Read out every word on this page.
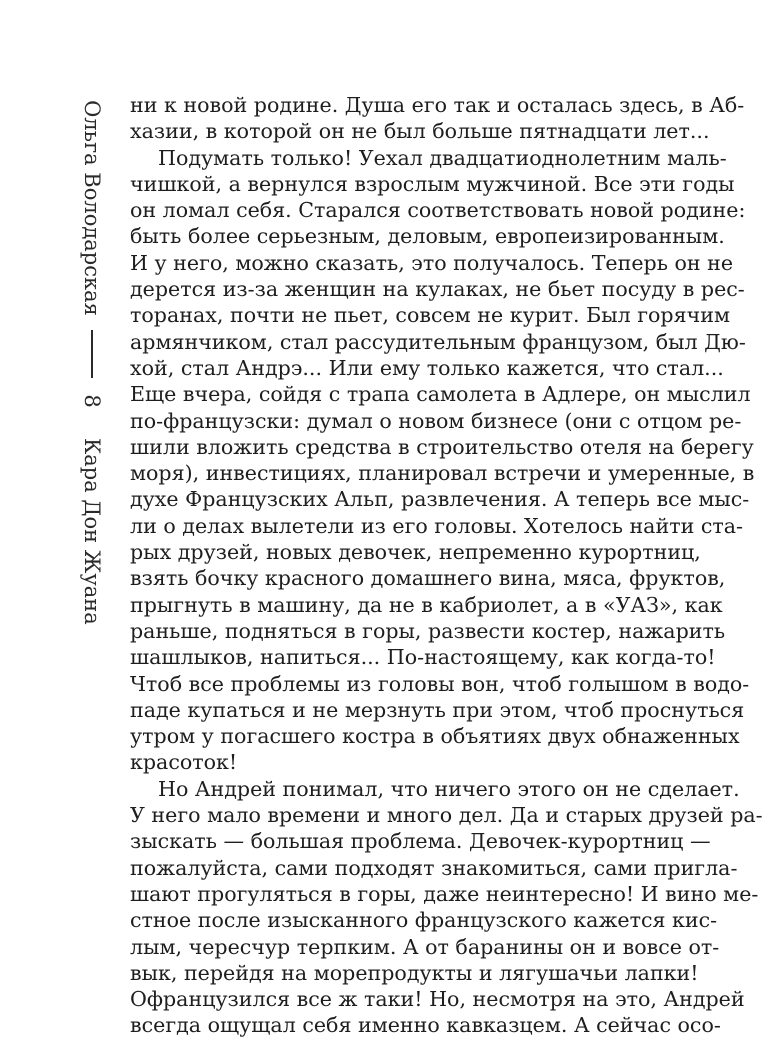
Ольга Володарская
8
Кара Дон Жуана
ни к новой родине. Душа его так и осталась здесь, в Аб-
хазии, в которой он не был больше пятнадцати лет...
Подумать только! Уехал двадцатиоднолетним маль-
чишкой, а вернулся взрослым мужчиной. Все эти годы
он ломал себя. Старался соответствовать новой родине:
быть более серьезным, деловым, европеизированным.
И у него, можно сказать, это получалось. Теперь он не
дерется из-за женщин на кулаках, не бьет посуду в рес-
торанах, почти не пьет, совсем не курит. Был горячим
армянчиком, стал рассудительным французом, был Дю-
хой, стал Андрэ... Или ему только кажется, что стал...
Еще вчера, сойдя с трапа самолета в Адлере, он мыслил
по-французски: думал о новом бизнесе (они с отцом ре-
шили вложить средства в строительство отеля на берегу
моря), инвестициях, планировал встречи и умеренные, в
духе Французских Альп, развлечения. А теперь все мыс-
ли о делах вылетели из его головы. Хотелось найти ста-
рых друзей, новых девочек, непременно курортниц,
взять бочку красного домашнего вина, мяса, фруктов,
прыгнуть в машину, да не в кабриолет, а в «УАЗ», как
раньше, подняться в горы, развести костер, нажарить
шашлыков, напиться... По-настоящему, как когда-то!
Чтоб все проблемы из головы вон, чтоб голышом в водо-
паде купаться и не мерзнуть при этом, чтоб проснуться
утром у погасшего костра в объятиях двух обнаженных
красоток!
Но Андрей понимал, что ничего этого он не сделает.
У него мало времени и много дел. Да и старых друзей ра-
зыскать — большая проблема. Девочек-курортниц —
пожалуйста, сами подходят знакомиться, сами пригла-
шают прогуляться в горы, даже неинтересно! И вино ме-
стное после изысканного французского кажется кис-
лым, чересчур терпким. А от баранины он и вовсе от-
вык, перейдя на морепродукты и лягушачьи лапки!
Офранцузился все ж таки! Но, несмотря на это, Андрей
всегда ощущал себя именно кавказцем. А сейчас осо-
